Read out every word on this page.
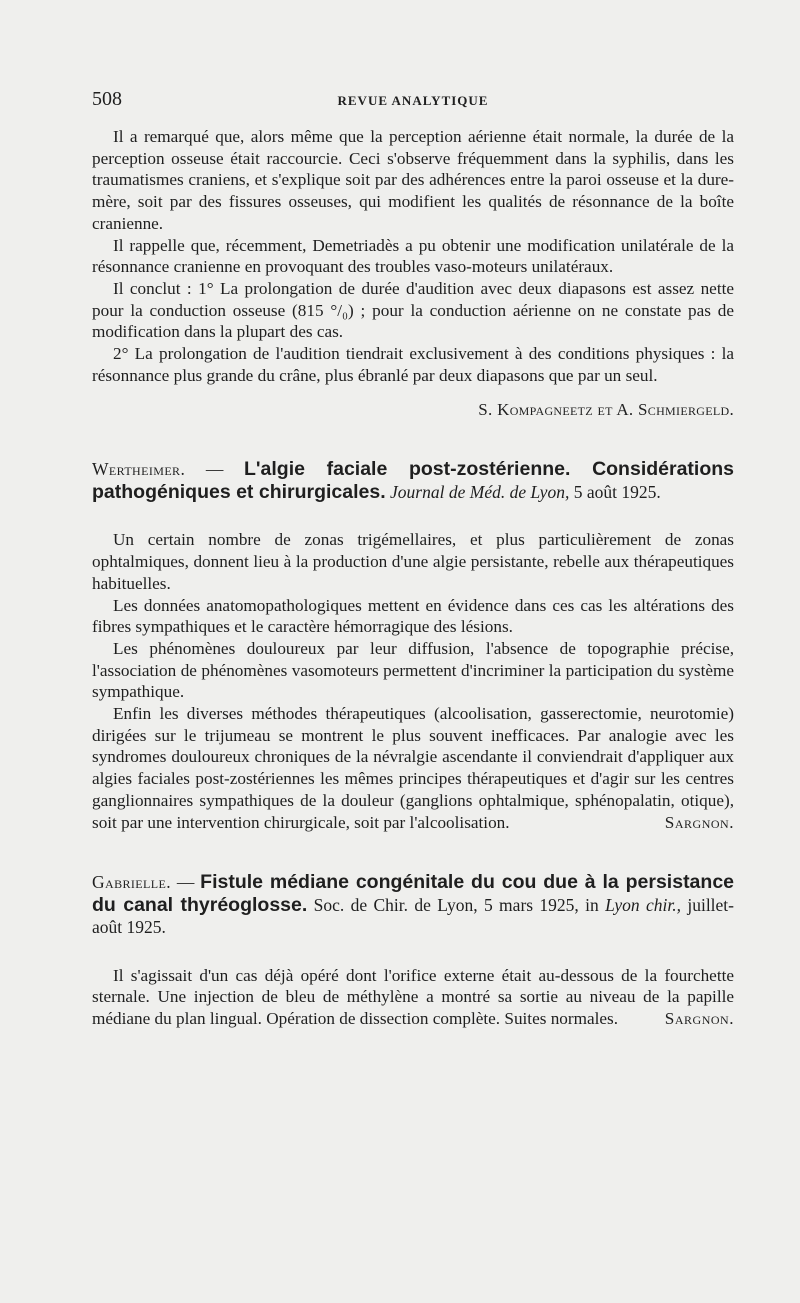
508	REVUE ANALYTIQUE

Il a remarqué que, alors même que la perception aérienne était normale, la durée de la perception osseuse était raccourcie. Ceci s'observe fréquemment dans la syphilis, dans les traumatismes craniens, et s'explique soit par des adhérences entre la paroi osseuse et la dure-mère, soit par des fissures osseuses, qui modifient les qualités de résonnance de la boîte cranienne.

Il rappelle que, récemment, Demetriadès a pu obtenir une modification unilatérale de la résonnance cranienne en provoquant des troubles vaso-moteurs unilatéraux.

Il conclut : 1° La prolongation de durée d'audition avec deux diapasons est assez nette pour la conduction osseuse (815 °/₀) ; pour la conduction aérienne on ne constate pas de modification dans la plupart des cas.

2° La prolongation de l'audition tiendrait exclusivement à des conditions physiques : la résonnance plus grande du crâne, plus ébranlé par deux diapasons que par un seul.

S. Kompagneetz et A. Schmiergeld.
Wertheimer. — L'algie faciale post-zostérienne. Considérations pathogéniques et chirurgicales. Journal de Méd. de Lyon, 5 août 1925.

Un certain nombre de zonas trigémellaires, et plus particulièrement de zonas ophtalmiques, donnent lieu à la production d'une algie persistante, rebelle aux thérapeutiques habituelles.

Les données anatomopathologiques mettent en évidence dans ces cas les altérations des fibres sympathiques et le caractère hémorragique des lésions.

Les phénomènes douloureux par leur diffusion, l'absence de topographie précise, l'association de phénomènes vasomoteurs permettent d'incriminer la participation du système sympathique.

Enfin les diverses méthodes thérapeutiques (alcoolisation, gasserectomie, neurotomie) dirigées sur le trijumeau se montrent le plus souvent inefficaces. Par analogie avec les syndromes douloureux chroniques de la névralgie ascendante il conviendrait d'appliquer aux algies faciales post-zostériennes les mêmes principes thérapeutiques et d'agir sur les centres ganglionnaires sympathiques de la douleur (ganglions ophtalmique, sphénopalatin, otique), soit par une intervention chirurgicale, soit par l'alcoolisation.	Sargnon.

Gabrielle. — Fistule médiane congénitale du cou due à la persistance du canal thyréoglosse. Soc. de Chir. de Lyon, 5 mars 1925, in Lyon chir., juillet-août 1925.

Il s'agissait d'un cas déjà opéré dont l'orifice externe était au-dessous de la fourchette sternale. Une injection de bleu de méthylène a montré sa sortie au niveau de la papille médiane du plan lingual. Opération de dissection complète. Suites normales.	Sargnon.
